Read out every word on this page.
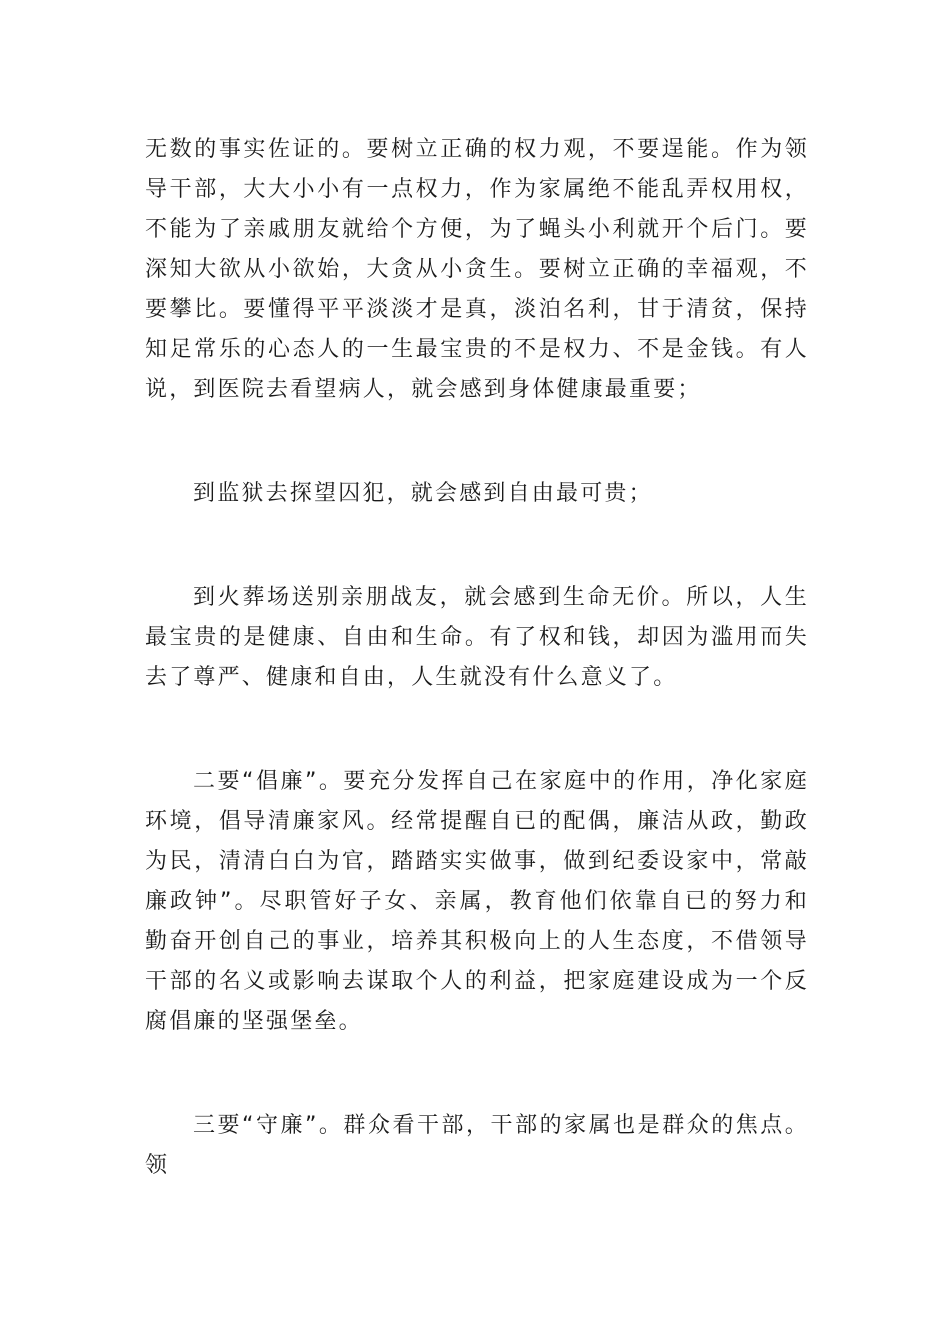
无数的事实佐证的。要树立正确的权力观，不要逞能。作为领导干部，大大小小有一点权力，作为家属绝不能乱弄权用权，不能为了亲戚朋友就给个方便，为了蝇头小利就开个后门。要深知大欲从小欲始，大贪从小贪生。要树立正确的幸福观，不要攀比。要懂得平平淡淡才是真，淡泊名利，甘于清贫，保持知足常乐的心态人的一生最宝贵的不是权力、不是金钱。有人说，到医院去看望病人，就会感到身体健康最重要；

到监狱去探望囚犯，就会感到自由最可贵；

到火葬场送别亲朋战友，就会感到生命无价。所以，人生最宝贵的是健康、自由和生命。有了权和钱，却因为滥用而失去了尊严、健康和自由，人生就没有什么意义了。

二要“倡廉”。要充分发挥自己在家庭中的作用，净化家庭环境，倡导清廉家风。经常提醒自已的配偶，廉洁从政，勤政为民，清清白白为官，踏踏实实做事，做到纪委设家中，常敲廉政钟”。尽职管好子女、亲属，教育他们依靠自已的努力和勤奋开创自己的事业，培养其积极向上的人生态度，不借领导干部的名义或影响去谋取个人的利益，把家庭建设成为一个反腐倡廉的坚强堡垒。

三要“守廉”。群众看干部，干部的家属也是群众的焦点。领
